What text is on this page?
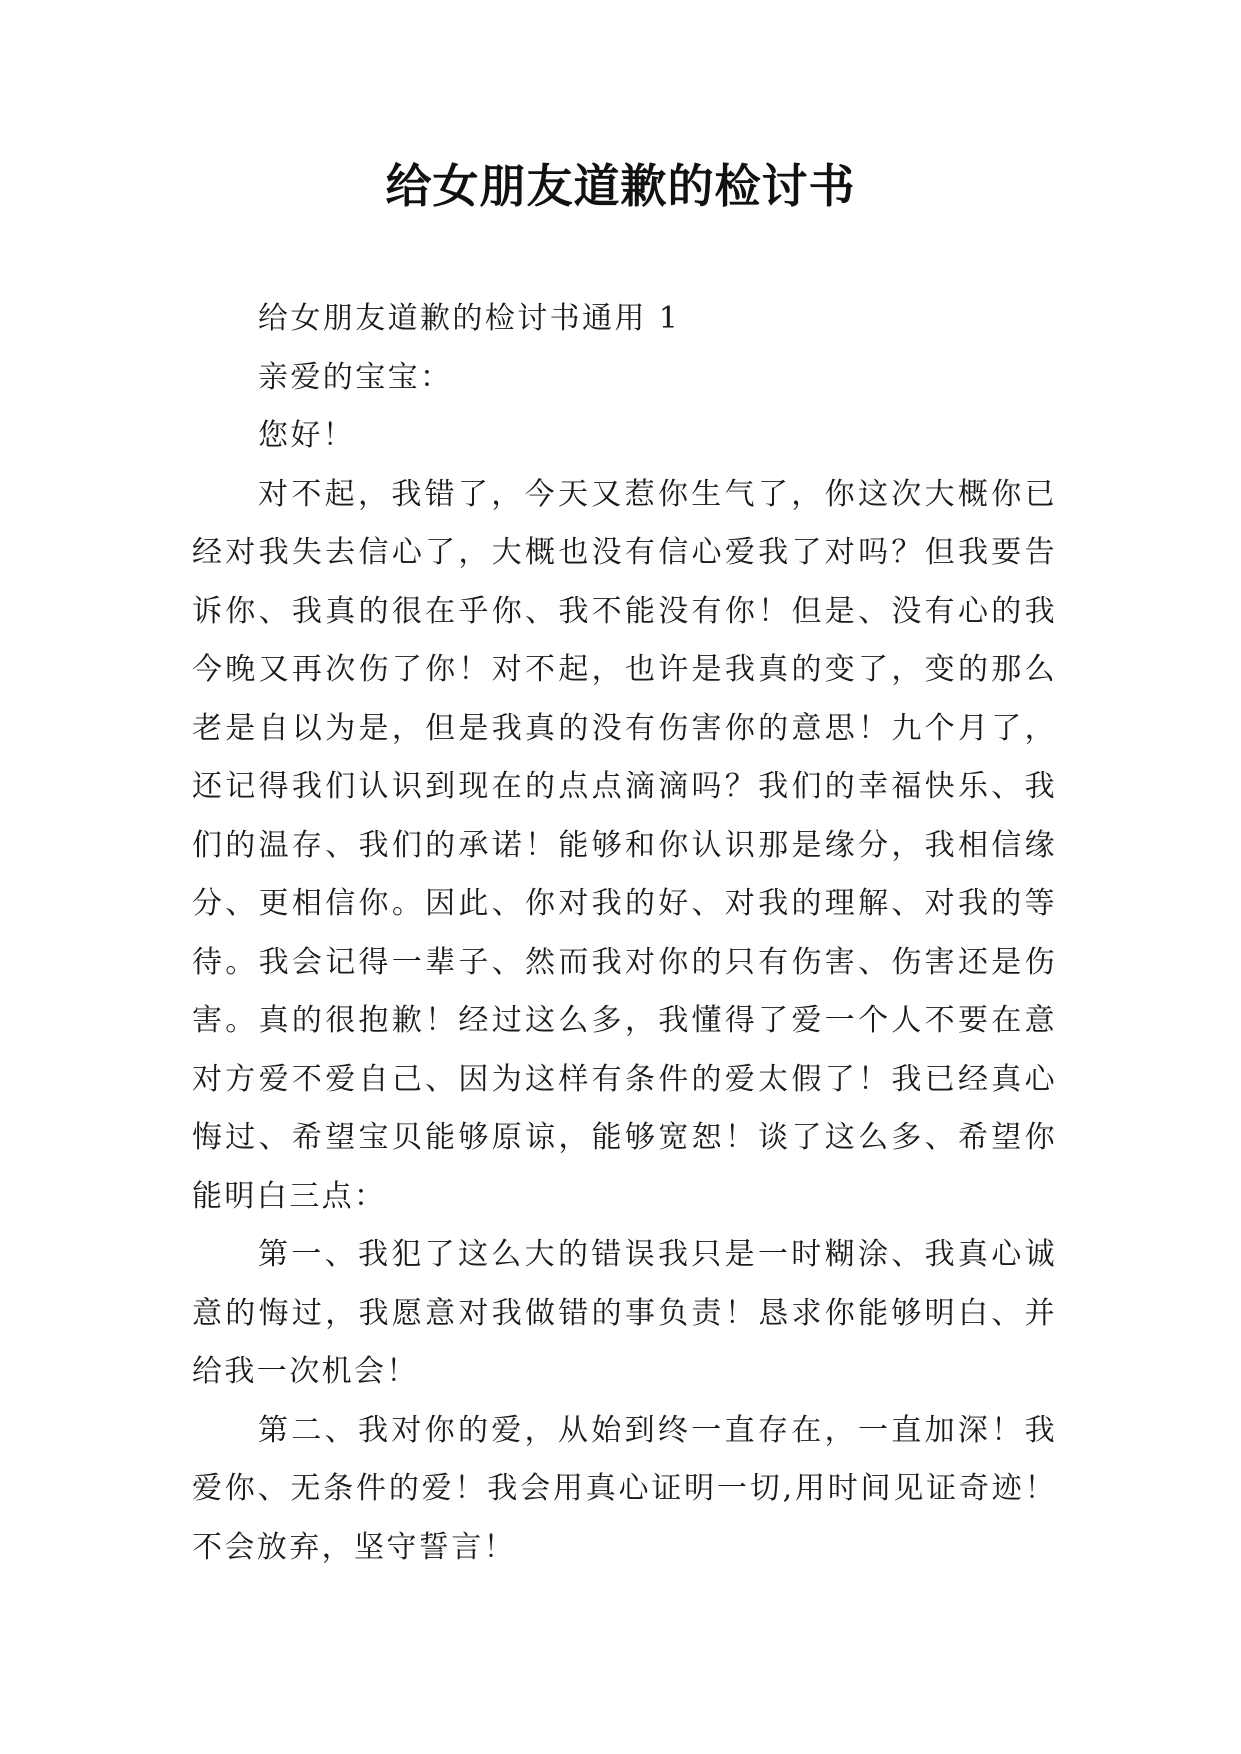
给女朋友道歉的检讨书

给女朋友道歉的检讨书通用 1

亲爱的宝宝：

您好！

对不起，我错了，今天又惹你生气了，你这次大概你已经对我失去信心了，大概也没有信心爱我了对吗？但我要告诉你、我真的很在乎你、我不能没有你！但是、没有心的我今晚又再次伤了你！对不起，也许是我真的变了，变的那么老是自以为是，但是我真的没有伤害你的意思！九个月了，还记得我们认识到现在的点点滴滴吗？我们的幸福快乐、我们的温存、我们的承诺！能够和你认识那是缘分，我相信缘分、更相信你。因此、你对我的好、对我的理解、对我的等待。我会记得一辈子、然而我对你的只有伤害、伤害还是伤害。真的很抱歉！经过这么多，我懂得了爱一个人不要在意对方爱不爱自己、因为这样有条件的爱太假了！我已经真心悔过、希望宝贝能够原谅，能够宽恕！谈了这么多、希望你能明白三点：

第一、我犯了这么大的错误我只是一时糊涂、我真心诚意的悔过，我愿意对我做错的事负责！恳求你能够明白、并给我一次机会！

第二、我对你的爱，从始到终一直存在，一直加深！我爱你、无条件的爱！我会用真心证明一切,用时间见证奇迹！不会放弃，坚守誓言！
